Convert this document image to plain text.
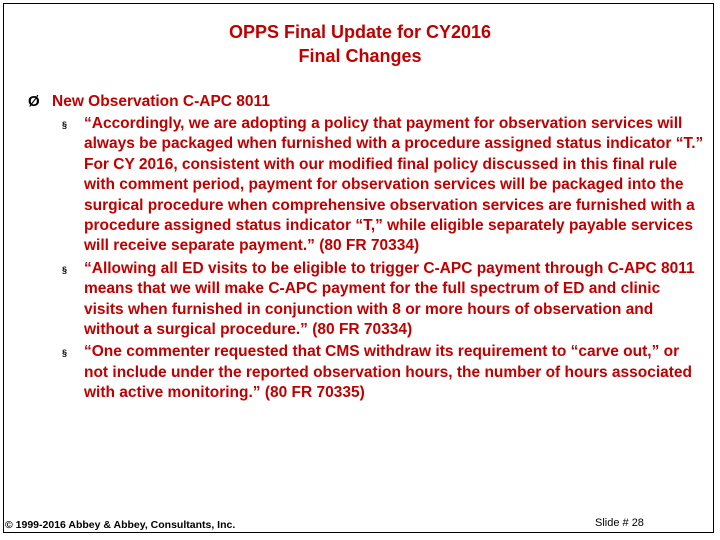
OPPS Final Update for CY2016
Final Changes
Ø New Observation C-APC 8011
§	“Accordingly, we are adopting a policy that payment for observation services will always be packaged when furnished with a procedure assigned status indicator “T.” For CY 2016, consistent with our modified final policy discussed in this final rule with comment period, payment for observation services will be packaged into the surgical procedure when comprehensive observation services are furnished with a procedure assigned status indicator “T,” while eligible separately payable services will receive separate payment.” (80 FR 70334)
§	“Allowing all ED visits to be eligible to trigger C-APC payment through C-APC 8011 means that we will make C-APC payment for the full spectrum of ED and clinic visits when furnished in conjunction with 8 or more hours of observation and without a surgical procedure.” (80 FR 70334)
§	“One commenter requested that CMS withdraw its requirement to “carve out,” or not include under the reported observation hours, the number of hours associated with active monitoring.” (80 FR 70335)
© 1999-2016 Abbey & Abbey, Consultants, Inc.	Slide # 28
